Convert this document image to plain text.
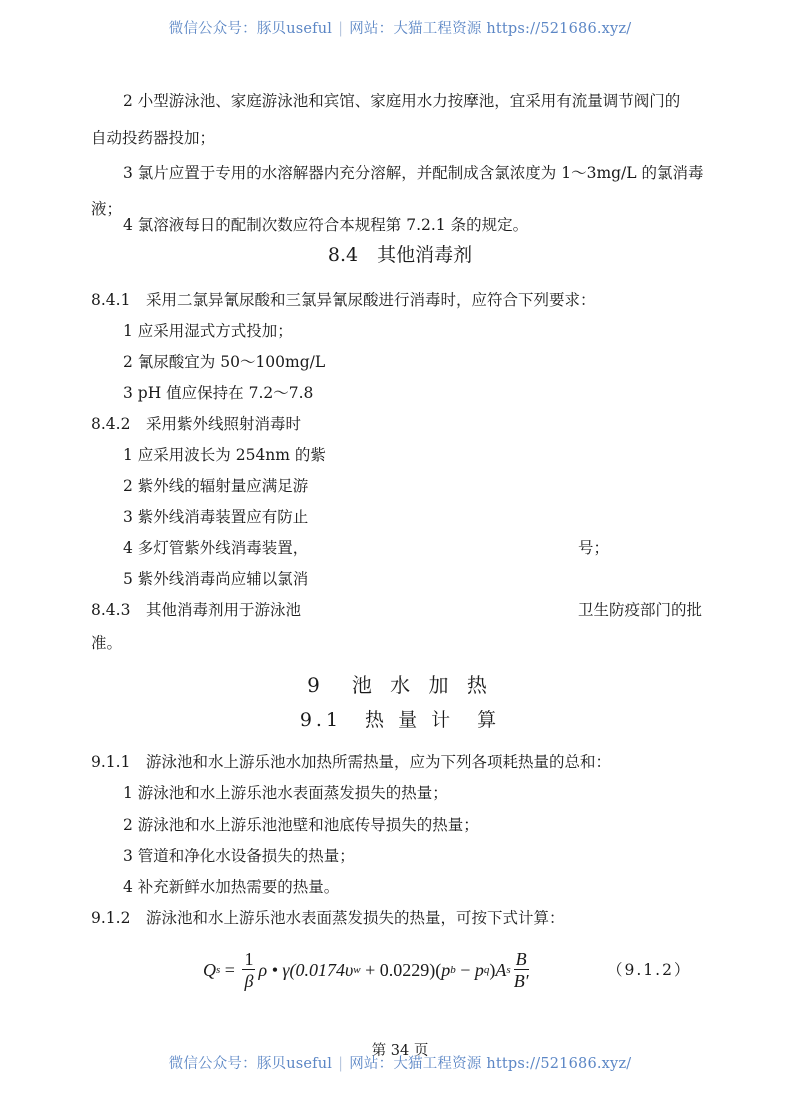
微信公众号：豚贝useful | 网站：大猫工程资源 https://521686.xyz/
2 小型游泳池、家庭游泳池和宾馆、家庭用水力按摩池，宜采用有流量调节阀门的
自动投药器投加；
3 氯片应置于专用的水溶解器内充分溶解，并配制成含氯浓度为 1～3mg/L 的氯消毒
液；
4 氯溶液每日的配制次数应符合本规程第 7.2.1 条的规定。
8.4　其他消毒剂
8.4.1 采用二氯异氰尿酸和三氯异氰尿酸进行消毒时，应符合下列要求：
1 应采用湿式方式投加；
2 氰尿酸宜为 50～100mg/L
3 pH 值应保持在 7.2～7.8
8.4.2 采用紫外线照射消毒时
1 应采用波长为 254nm 的紫
2 紫外线的辐射量应满足游
3 紫外线消毒装置应有防止
4 多灯管紫外线消毒装置，	号；
5 紫外线消毒尚应辅以氯消
8.4.3 其他消毒剂用于游泳池	卫生防疫部门的批
准。
9　池 水 加 热
9.1　热 量 计　算
9.1.1 游泳池和水上游乐池水加热所需热量，应为下列各项耗热量的总和：
1 游泳池和水上游乐池水表面蒸发损失的热量；
2 游泳池和水上游乐池池壁和池底传导损失的热量；
3 管道和净化水设备损失的热量；
4 补充新鲜水加热需要的热量。
9.1.2 游泳池和水上游乐池水表面蒸发损失的热量，可按下式计算：
Q $s = \frac{1}{\beta}$ ρ • γ(0.0174 υ w + 0.0229)( p b − p q ) A s $\frac{B}{B'}$	（9.1.2）
第 34 页
微信公众号：豚贝useful | 网站：大猫工程资源 https://521686.xyz/
